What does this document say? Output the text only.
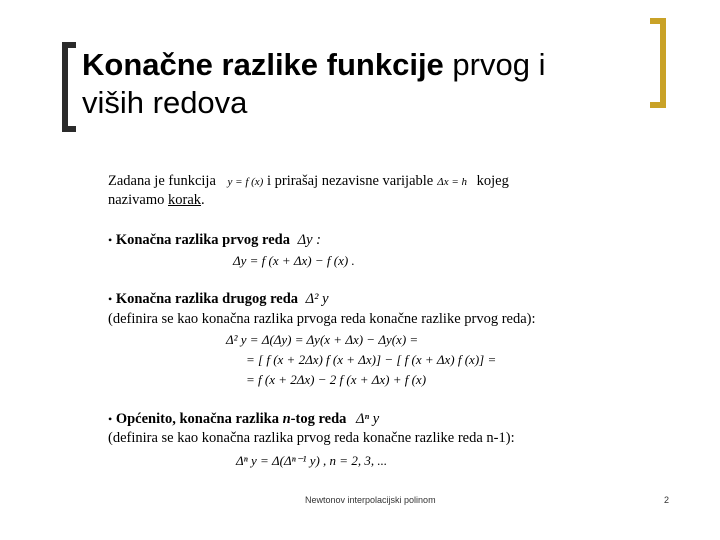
Konačne razlike funkcije prvog i
viših redova
Zadana je funkcija y = f (x) i prirašaj nezavisne varijable Δx = h kojeg
nazivamo korak.
• Konačna razlika prvog reda Δy :
Δy = f (x + Δx) − f (x) .
• Konačna razlika drugog reda Δ² y
(definira se kao konačna razlika prvoga reda konačne razlike prvog reda):
Δ² y = Δ(Δy) = Δy(x + Δx) − Δy(x) =
= [ f (x + 2Δx) f (x + Δx)] − [ f (x + Δx) f (x)] =
= f (x + 2Δx) − 2 f (x + Δx) + f (x)
• Općenito, konačna razlika n-tog reda Δⁿ y
(definira se kao konačna razlika prvog reda konačne razlike reda n-1):
Δⁿ y = Δ(Δⁿ⁻¹ y) , n = 2, 3, ...
Newtonov interpolacijski polinom	2
